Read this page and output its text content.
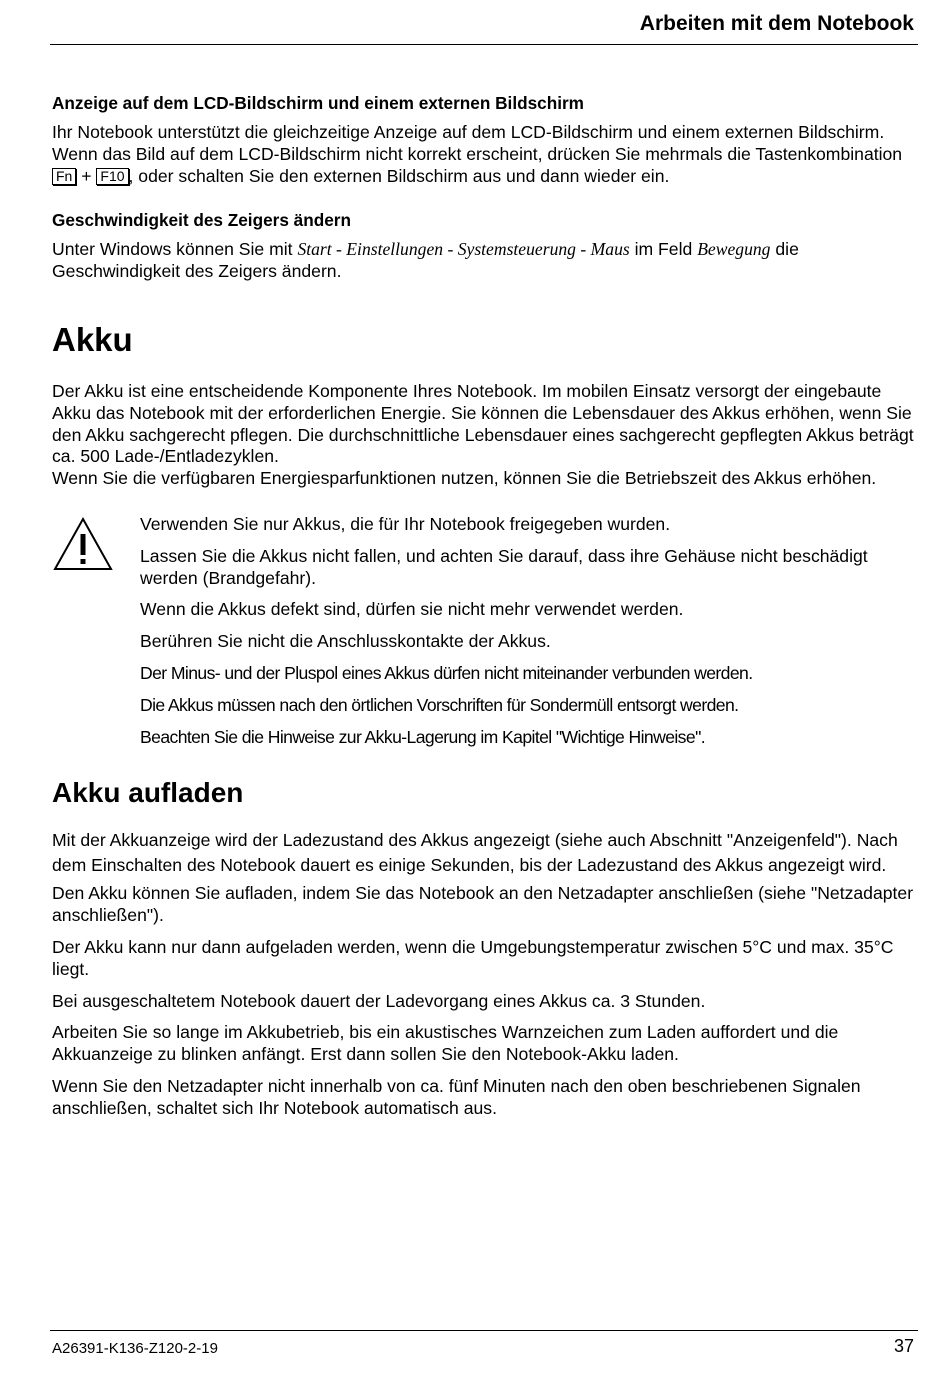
Arbeiten mit dem Notebook
Anzeige auf dem LCD-Bildschirm und einem externen Bildschirm

Ihr Notebook unterstützt die gleichzeitige Anzeige auf dem LCD-Bildschirm und einem externen Bildschirm. Wenn das Bild auf dem LCD-Bildschirm nicht korrekt erscheint, drücken Sie mehrmals die Tastenkombination Fn + F10 , oder schalten Sie den externen Bildschirm aus und dann wieder ein.

Geschwindigkeit des Zeigers ändern

Unter Windows können Sie mit Start - Einstellungen - Systemsteuerung - Maus im Feld Bewegung die Geschwindigkeit des Zeigers ändern.

Akku

Der Akku ist eine entscheidende Komponente Ihres Notebook. Im mobilen Einsatz versorgt der eingebaute Akku das Notebook mit der erforderlichen Energie. Sie können die Lebensdauer des Akkus erhöhen, wenn Sie den Akku sachgerecht pflegen. Die durchschnittliche Lebensdauer eines sachgerecht gepflegten Akkus beträgt ca. 500 Lade-/Entladezyklen.

Wenn Sie die verfügbaren Energiesparfunktionen nutzen, können Sie die Betriebszeit des Akkus erhöhen.

Verwenden Sie nur Akkus, die für Ihr Notebook freigegeben wurden.
Lassen Sie die Akkus nicht fallen, und achten Sie darauf, dass ihre Gehäuse nicht beschädigt werden (Brandgefahr).
Wenn die Akkus defekt sind, dürfen sie nicht mehr verwendet werden.
Berühren Sie nicht die Anschlusskontakte der Akkus.
Der Minus- und der Pluspol eines Akkus dürfen nicht miteinander verbunden werden.
Die Akkus müssen nach den örtlichen Vorschriften für Sondermüll entsorgt werden.
Beachten Sie die Hinweise zur Akku-Lagerung im Kapitel "Wichtige Hinweise".
Akku aufladen

Mit der Akkuanzeige wird der Ladezustand des Akkus angezeigt (siehe auch Abschnitt "Anzeigenfeld"). Nach dem Einschalten des Notebook dauert es einige Sekunden, bis der Ladezustand des Akkus angezeigt wird.

Den Akku können Sie aufladen, indem Sie das Notebook an den Netzadapter anschließen (siehe "Netzadapter anschließen").

Der Akku kann nur dann aufgeladen werden, wenn die Umgebungstemperatur zwischen 5°C und max. 35°C liegt.

Bei ausgeschaltetem Notebook dauert der Ladevorgang eines Akkus ca. 3 Stunden.

Arbeiten Sie so lange im Akkubetrieb, bis ein akustisches Warnzeichen zum Laden auffordert und die Akkuanzeige zu blinken anfängt. Erst dann sollen Sie den Notebook-Akku laden.

Wenn Sie den Netzadapter nicht innerhalb von ca. fünf Minuten nach den oben beschriebenen Signalen anschließen, schaltet sich Ihr Notebook automatisch aus.

A26391-K136-Z120-2-19	37
